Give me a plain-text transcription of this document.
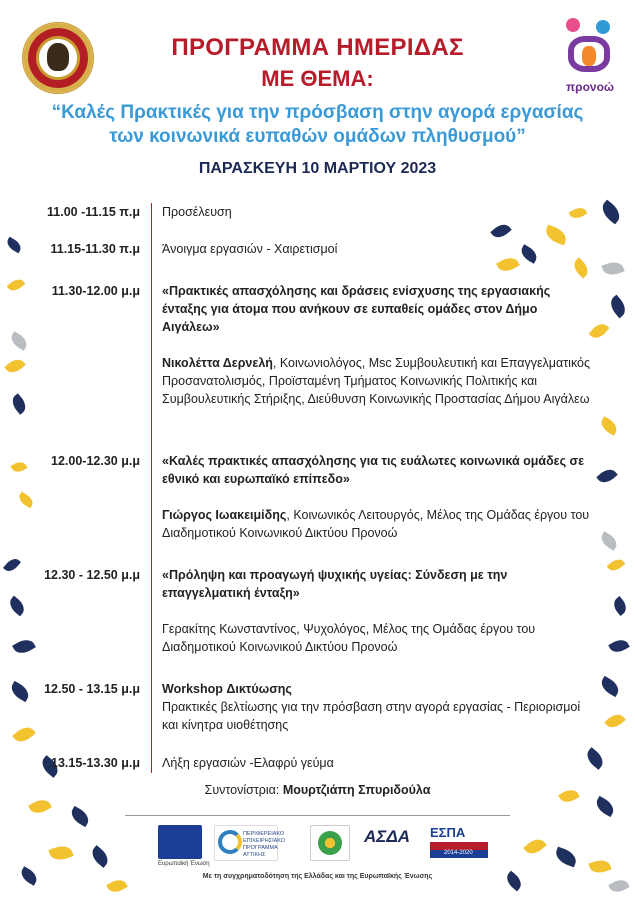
προνοώ
ΠΡΟΓΡΑΜΜΑ ΗΜΕΡΙΔΑΣ
ΜΕ ΘΕΜΑ:
“Καλές Πρακτικές για την πρόσβαση στην αγορά εργασίας των κοινωνικά ευπαθών ομάδων πληθυσμού”
ΠΑΡΑΣΚΕΥΗ 10 ΜΑΡΤΙΟΥ 2023
11.00 -11.15 π.μ Προσέλευση
11.15-11.30 π.μ Άνοιγμα εργασιών - Χαιρετισμοί
11.30-12.00 μ.μ «Πρακτικές απασχόλησης και δράσεις ενίσχυσης της εργασιακής ένταξης για άτομα που ανήκουν σε ευπαθείς ομάδες στον Δήμο Αιγάλεω»
Νικολέττα Δερνελή, Κοινωνιολόγος, Msc Συμβουλευτική και Επαγγελματικός Προσανατολισμός, Προϊσταμένη Τμήματος Κοινωνικής Πολιτικής και Συμβουλευτικής Στήριξης, Διεύθυνση Κοινωνικής Προστασίας Δήμου Αιγάλεω
12.00-12.30 μ.μ «Καλές πρακτικές απασχόλησης για τις ευάλωτες κοινωνικά ομάδες σε εθνικό και ευρωπαϊκό επίπεδο»
Γιώργος Ιωακειμίδης, Κοινωνικός Λειτουργός, Μέλος της Ομάδας έργου του Διαδημοτικού Κοινωνικού Δικτύου Προνοώ
12.30 - 12.50 μ.μ «Πρόληψη και προαγωγή ψυχικής υγείας: Σύνδεση με την επαγγελματική ένταξη»
Γερακίτης Κωνσταντίνος, Ψυχολόγος, Μέλος της Ομάδας έργου του Διαδημοτικού Κοινωνικού Δικτύου Προνοώ
12.50 - 13.15 μ.μ Workshop Δικτύωσης
Πρακτικές βελτίωσης για την πρόσβαση στην αγορά εργασίας - Περιορισμοί και κίνητρα υιοθέτησης
13.15-13.30 μ.μ Λήξη εργασιών -Ελαφρύ γεύμα
Συντονίστρια: Μουρτζιάπη Σπυριδούλα
Ευρωπαϊκή Ένωση
ΠΕΡΙΦΕΡΕΙΑΚΟ ΕΠΙΧΕΙΡΗΣΙΑΚΟ ΠΡΟΓΡΑΜΜΑ ΑΤΤΙΚΗΣ
ΑΣΔΑ ΕΣΠΑ
2014-2020
Με τη συγχρηματοδότηση της Ελλάδας και της Ευρωπαϊκής Ένωσης
